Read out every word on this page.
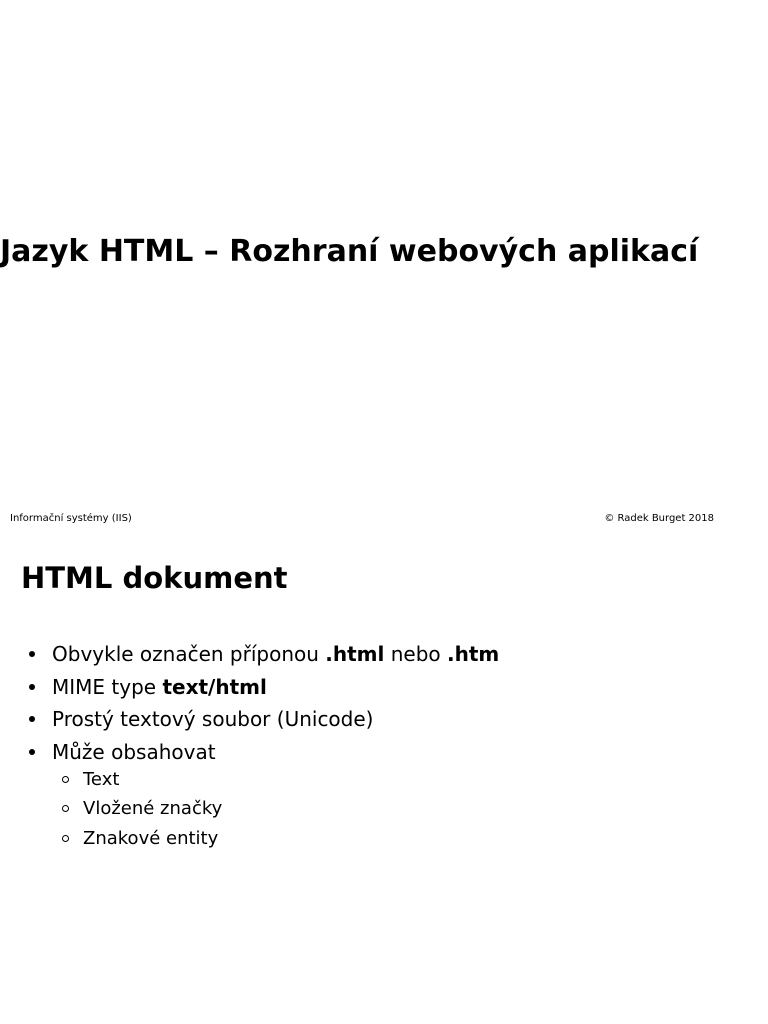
Jazyk HTML – Rozhraní webových aplikací
Informační systémy (IIS)	© Radek Burget 2018
HTML dokument
Obvykle označen příponou .html nebo .htm
MIME type text/html
Prostý textový soubor (Unicode)
Může obsahovat
Text
Vložené značky
Znakové entity
